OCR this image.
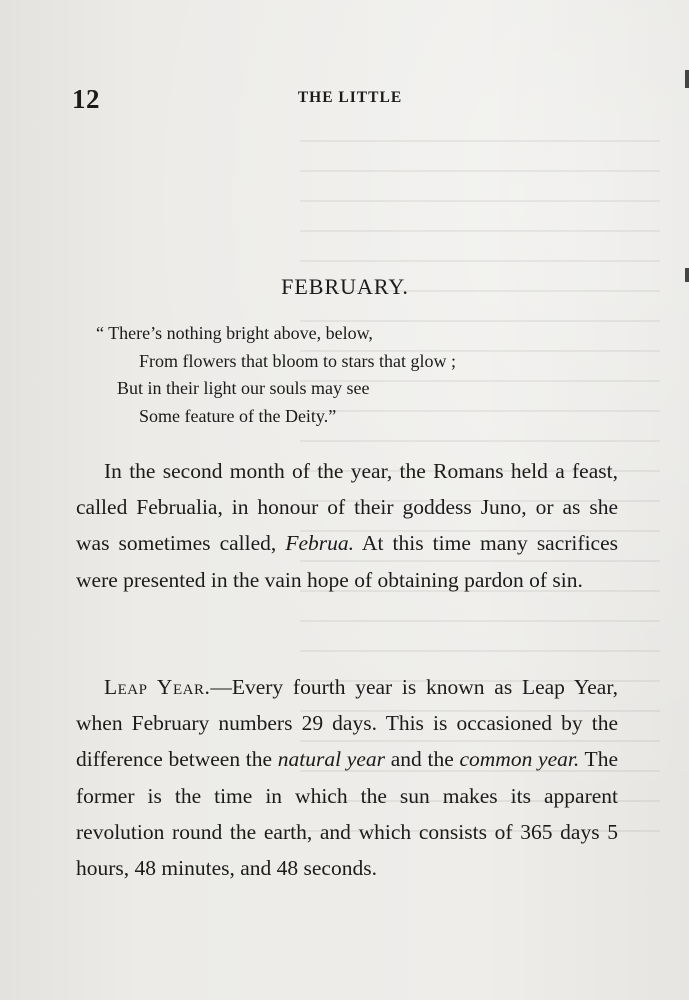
12	THE LITTLE
FEBRUARY.
“ There’s nothing bright above, below,
From flowers that bloom to stars that glow ;
But in their light our souls may see
Some feature of the Deity.”
In the second month of the year, the Romans held a feast, called Februalia, in honour of their goddess Juno, or as she was sometimes called, Februa. At this time many sacrifices were presented in the vain hope of obtaining pardon of sin.
Leap Year.—Every fourth year is known as Leap Year, when February numbers 29 days. This is occasioned by the difference between the natural year and the common year. The former is the time in which the sun makes its apparent revolution round the earth, and which consists of 365 days 5 hours, 48 minutes, and 48 seconds.
